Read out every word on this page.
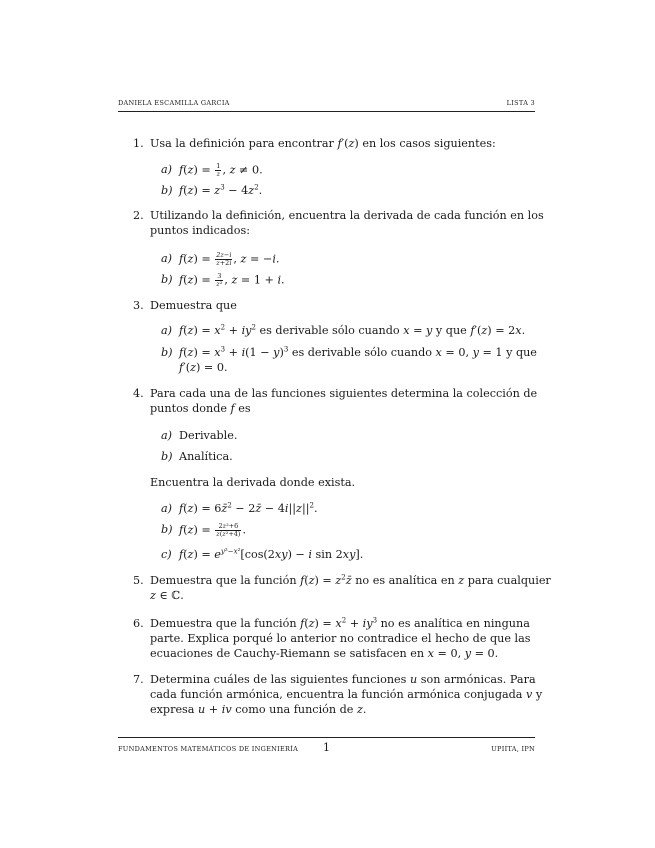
DANIELA ESCAMILLA GARCIA	LISTA 3
1. Usa la definición para encontrar f′(z) en los casos siguientes:
a) $f(z) = \frac{1}{z}$ , z ≠ 0.
b) $f(z) = z^3 - 4z^2$.
2. Utilizando la definición, encuentra la derivada de cada función en los
puntos indicados:
a) $f(z) = \frac{2z-i}{z+2i}$ , z = −i.
b) $f(z) = \frac{3}{\text{z²}}$ , z = 1 + i.
3. Demuestra que
a) $f(z) = x^2 + iy^2$ es derivable sólo cuando x = y y que f′(z) = 2x.
b) $f(z) = x^3 + i(1 - y)^3$ es derivable sólo cuando x = 0, y = 1 y que
f′(z) = 0.
4. Para cada una de las funciones siguientes determina la colección de
puntos donde f es
a) Derivable.
b) Analítica.
Encuentra la derivada donde exista.
a) f(z) = 6z̄$^2$ − 2z̄ − $4i||z||^2$.
b) $f(z) = \frac{\text{2z²+6}}{\text{z(z²+4)}}$ .
c) $f(z) = e^{y^2-x^2}[\cos(2xy) - i$ sin 2xy].
5. Demuestra que la función $f(z) = z^2z̄$ no es analítica en z para cualquier
z ∈ ℂ.
6. Demuestra que la función $f(z) = x^2 + iy^3$ no es analítica en ninguna
parte. Explica porqué lo anterior no contradice el hecho de que las
ecuaciones de Cauchy-Riemann se satisfacen en x = 0, y = 0.
7. Determina cuáles de las siguientes funciones u son armónicas. Para
cada función armónica, encuentra la función armónica conjugada v y
expresa u + iv como una función de z.
FUNDAMENTOS MATEMÁTICOS DE INGENIERÍA 1	UPIITA, IPN
